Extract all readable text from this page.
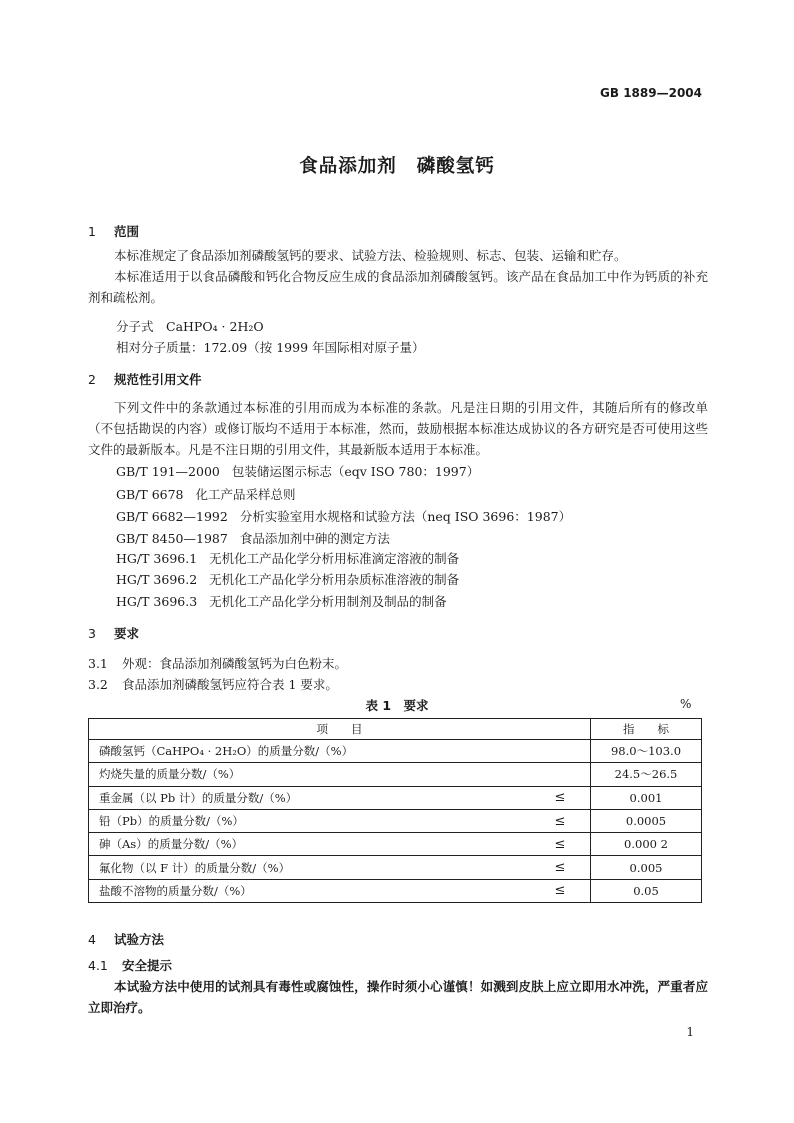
GB 1889—2004
食品添加剂 磷酸氢钙
1 范围

本标准规定了食品添加剂磷酸氢钙的要求、试验方法、检验规则、标志、包装、运输和贮存。

本标准适用于以食品磷酸和钙化合物反应生成的食品添加剂磷酸氢钙。该产品在食品加工中作为钙质的补充剂和疏松剂。

分子式　CaHPO₄ · 2H₂O
相对分子质量：172.09（按 1999 年国际相对原子量）
2 规范性引用文件

下列文件中的条款通过本标准的引用而成为本标准的条款。凡是注日期的引用文件，其随后所有的修改单（不包括勘误的内容）或修订版均不适用于本标准，然而，鼓励根据本标准达成协议的各方研究是否可使用这些文件的最新版本。凡是不注日期的引用文件，其最新版本适用于本标准。

GB/T 191—2000 包装储运图示标志（eqv ISO 780：1997）
GB/T 6678 化工产品采样总则
GB/T 6682—1992 分析实验室用水规格和试验方法（neq ISO 3696：1987）
GB/T 8450—1987 食品添加剂中砷的测定方法
HG/T 3696.1 无机化工产品化学分析用标准滴定溶液的制备
HG/T 3696.2 无机化工产品化学分析用杂质标准溶液的制备
HG/T 3696.3 无机化工产品化学分析用制剂及制品的制备
3 要求
3.1 外观：食品添加剂磷酸氢钙为白色粉末。
3.2 食品添加剂磷酸氢钙应符合表 1 要求。
表 1　要求	%
项　　目		指　　标
磷酸氢钙（CaHPO₄ · 2H₂O）的质量分数/（%）		98.0～103.0
灼烧失量的质量分数/（%）		24.5～26.5
重金属（以 Pb 计）的质量分数/（%）	≤	0.001
铅（Pb）的质量分数/（%）	≤	0.0005
砷（As）的质量分数/（%）	≤	0.000 2
氟化物（以 F 计）的质量分数/（%）	≤	0.005
盐酸不溶物的质量分数/（%）	≤	0.05
4 试验方法
4.1 安全提示

本试验方法中使用的试剂具有毒性或腐蚀性，操作时须小心谨慎！如溅到皮肤上应立即用水冲洗，严重者应立即治疗。

1
